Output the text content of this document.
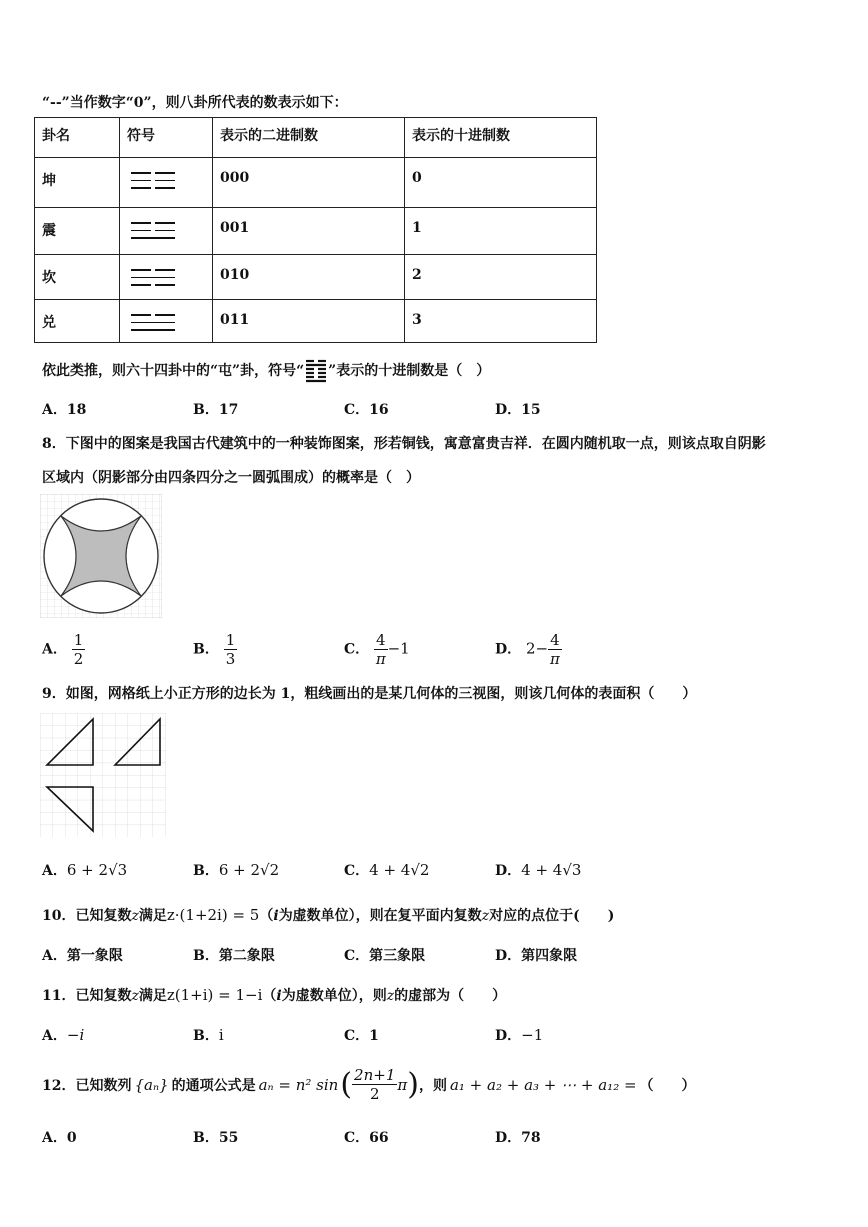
“--”当作数字“0”，则八卦所代表的数表示如下：
卦名	符号	表示的二进制数	表示的十进制数
坤		000	0
震		001	1
坎		010	2
兑		011	3
依此类推，则六十四卦中的“屯”卦，符号“ ”表示的十进制数是（　）
A．18	B．17	C．16	D．15
8．下图中的图案是我国古代建筑中的一种装饰图案，形若铜钱，寓意富贵吉祥．在圆内随机取一点，则该点取自阴影
区域内（阴影部分由四条四分之一圆弧围成）的概率是（　）
A． $\frac{1}{2}$	B． $\frac{1}{3}$	C． $\frac{4}{\pi} -1$	D． $2- \frac{4}{\pi}$
9．如图，网格纸上小正方形的边长为 1，粗线画出的是某几何体的三视图，则该几何体的表面积（　　）
A．6 + 2√3	B．6 + 2√2	C．4 + 4√2	D．4 + 4√3
10．已知复数z满足z·(1+2i) = 5（i为虚数单位），则在复平面内复数z对应的点位于(　　)
A．第一象限	B．第二象限	C．第三象限	D．第四象限
11．已知复数z满足z(1+i) = 1−i（i为虚数单位），则z的虚部为（　　）
A．−i	B．i	C．1	D．−1
12．已知数列 {aₙ} 的通项公式是 aₙ = n² sin ( $\frac{2n+1}{2}$ π ) ，则 a₁ + a₂ + a₃ + ⋯ + a₁₂ = （　　）
A．0	B．55	C．66	D．78
